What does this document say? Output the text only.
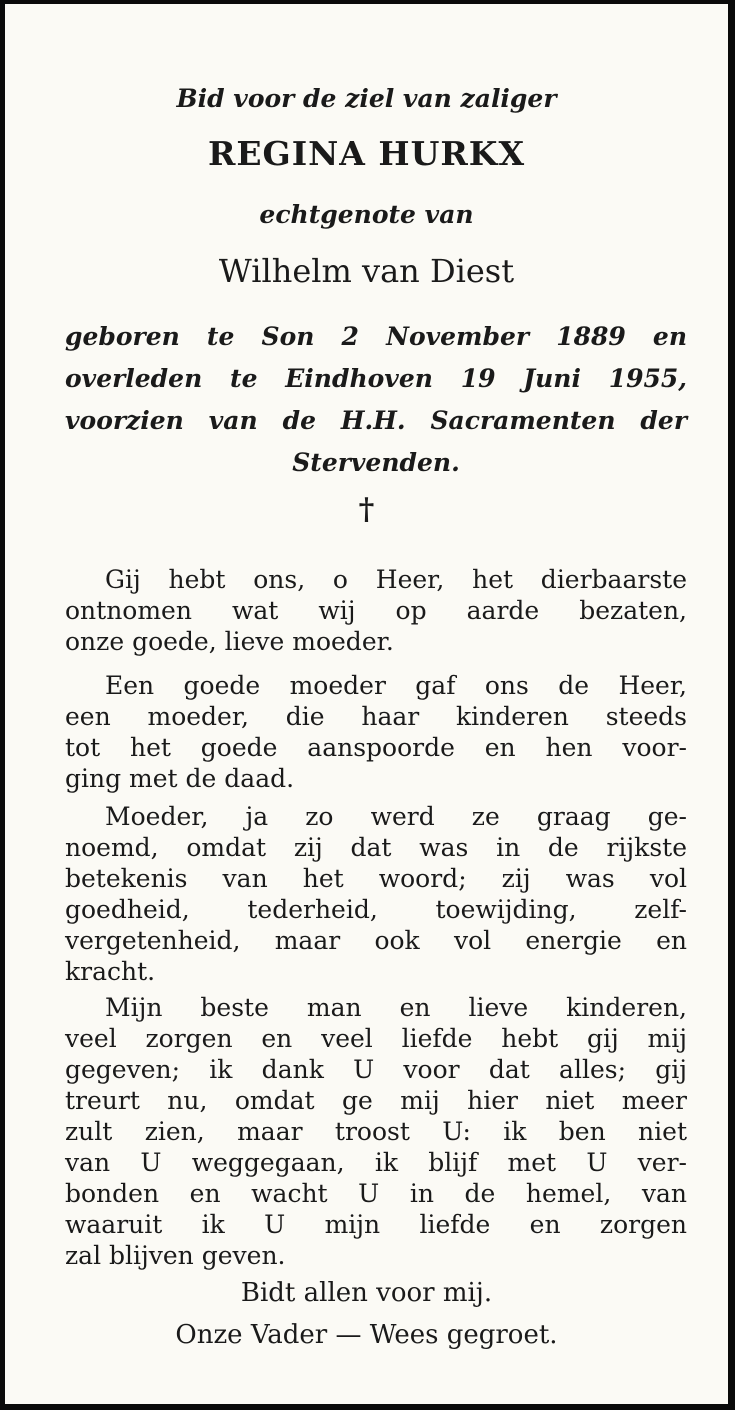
Bid voor de ziel van zaliger
REGINA HURKX
echtgenote van
Wilhelm van Diest
geboren te Son 2 November 1889 en
overleden te Eindhoven 19 Juni 1955,
voorzien van de H.H. Sacramenten der
Stervenden.
†
Gij hebt ons, o Heer, het dierbaarste
ontnomen wat wij op aarde bezaten,
onze goede, lieve moeder.
Een goede moeder gaf ons de Heer,
een moeder, die haar kinderen steeds
tot het goede aanspoorde en hen voor-
ging met de daad.
Moeder, ja zo werd ze graag ge-
noemd, omdat zij dat was in de rijkste
betekenis van het woord; zij was vol
goedheid, tederheid, toewijding, zelf-
vergetenheid, maar ook vol energie en
kracht.
Mijn beste man en lieve kinderen,
veel zorgen en veel liefde hebt gij mij
gegeven; ik dank U voor dat alles; gij
treurt nu, omdat ge mij hier niet meer
zult zien, maar troost U: ik ben niet
van U weggegaan, ik blijf met U ver-
bonden en wacht U in de hemel, van
waaruit ik U mijn liefde en zorgen
zal blijven geven.
Bidt allen voor mij.
Onze Vader — Wees gegroet.
